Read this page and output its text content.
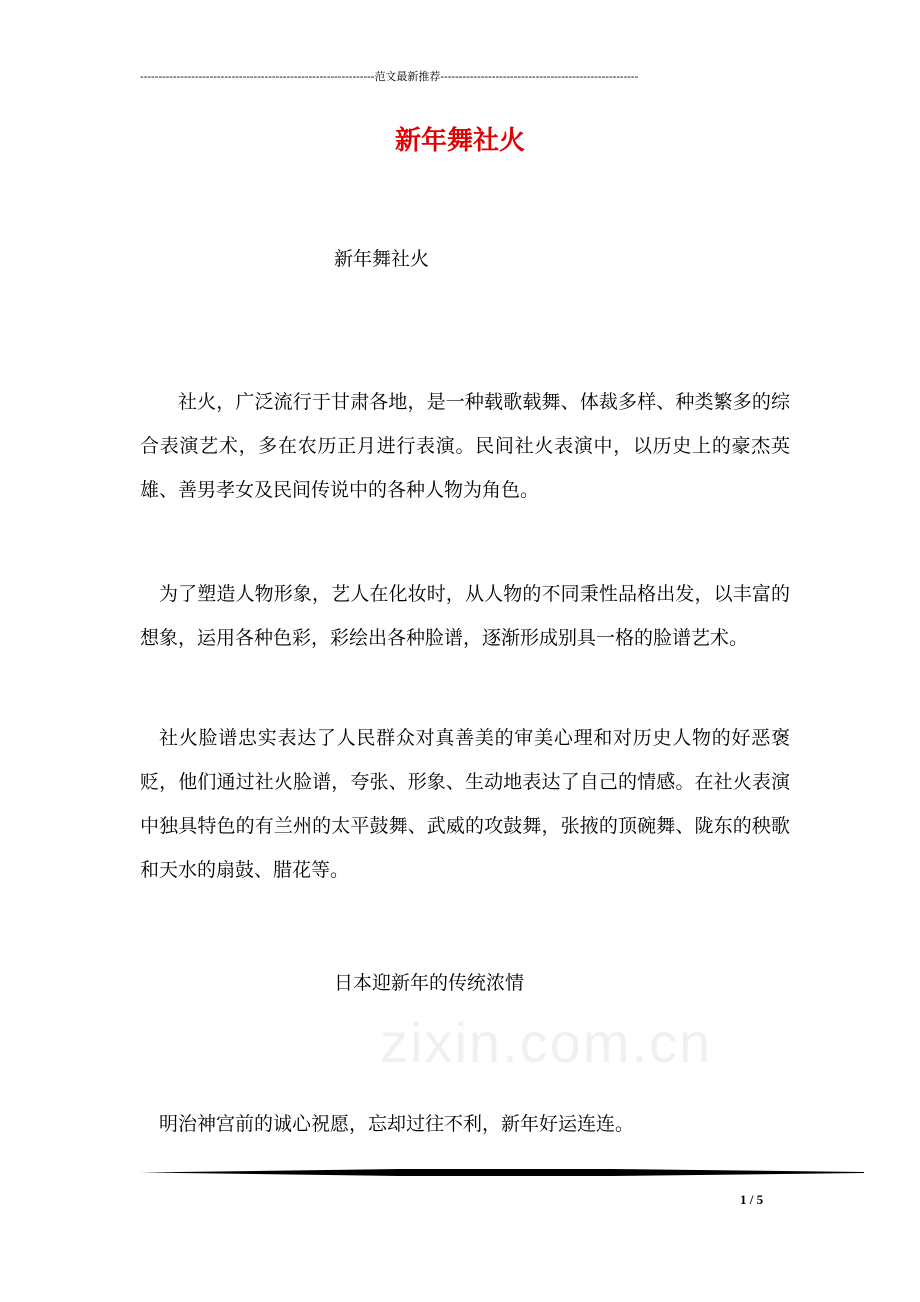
----------------------------------------------------------------范文最新推荐------------------------------------------------------
新年舞社火
新年舞社火
社火，广泛流行于甘肃各地，是一种载歌载舞、体裁多样、种类繁多的综合表演艺术，多在农历正月进行表演。民间社火表演中，以历史上的豪杰英雄、善男孝女及民间传说中的各种人物为角色。
为了塑造人物形象，艺人在化妆时，从人物的不同秉性品格出发，以丰富的想象，运用各种色彩，彩绘出各种脸谱，逐渐形成别具一格的脸谱艺术。
社火脸谱忠实表达了人民群众对真善美的审美心理和对历史人物的好恶褒贬，他们通过社火脸谱，夸张、形象、生动地表达了自己的情感。在社火表演中独具特色的有兰州的太平鼓舞、武威的攻鼓舞，张掖的顶碗舞、陇东的秧歌和天水的扇鼓、腊花等。
日本迎新年的传统浓情
zixin.com.cn
明治神宫前的诚心祝愿，忘却过往不利，新年好运连连。
1 / 5
